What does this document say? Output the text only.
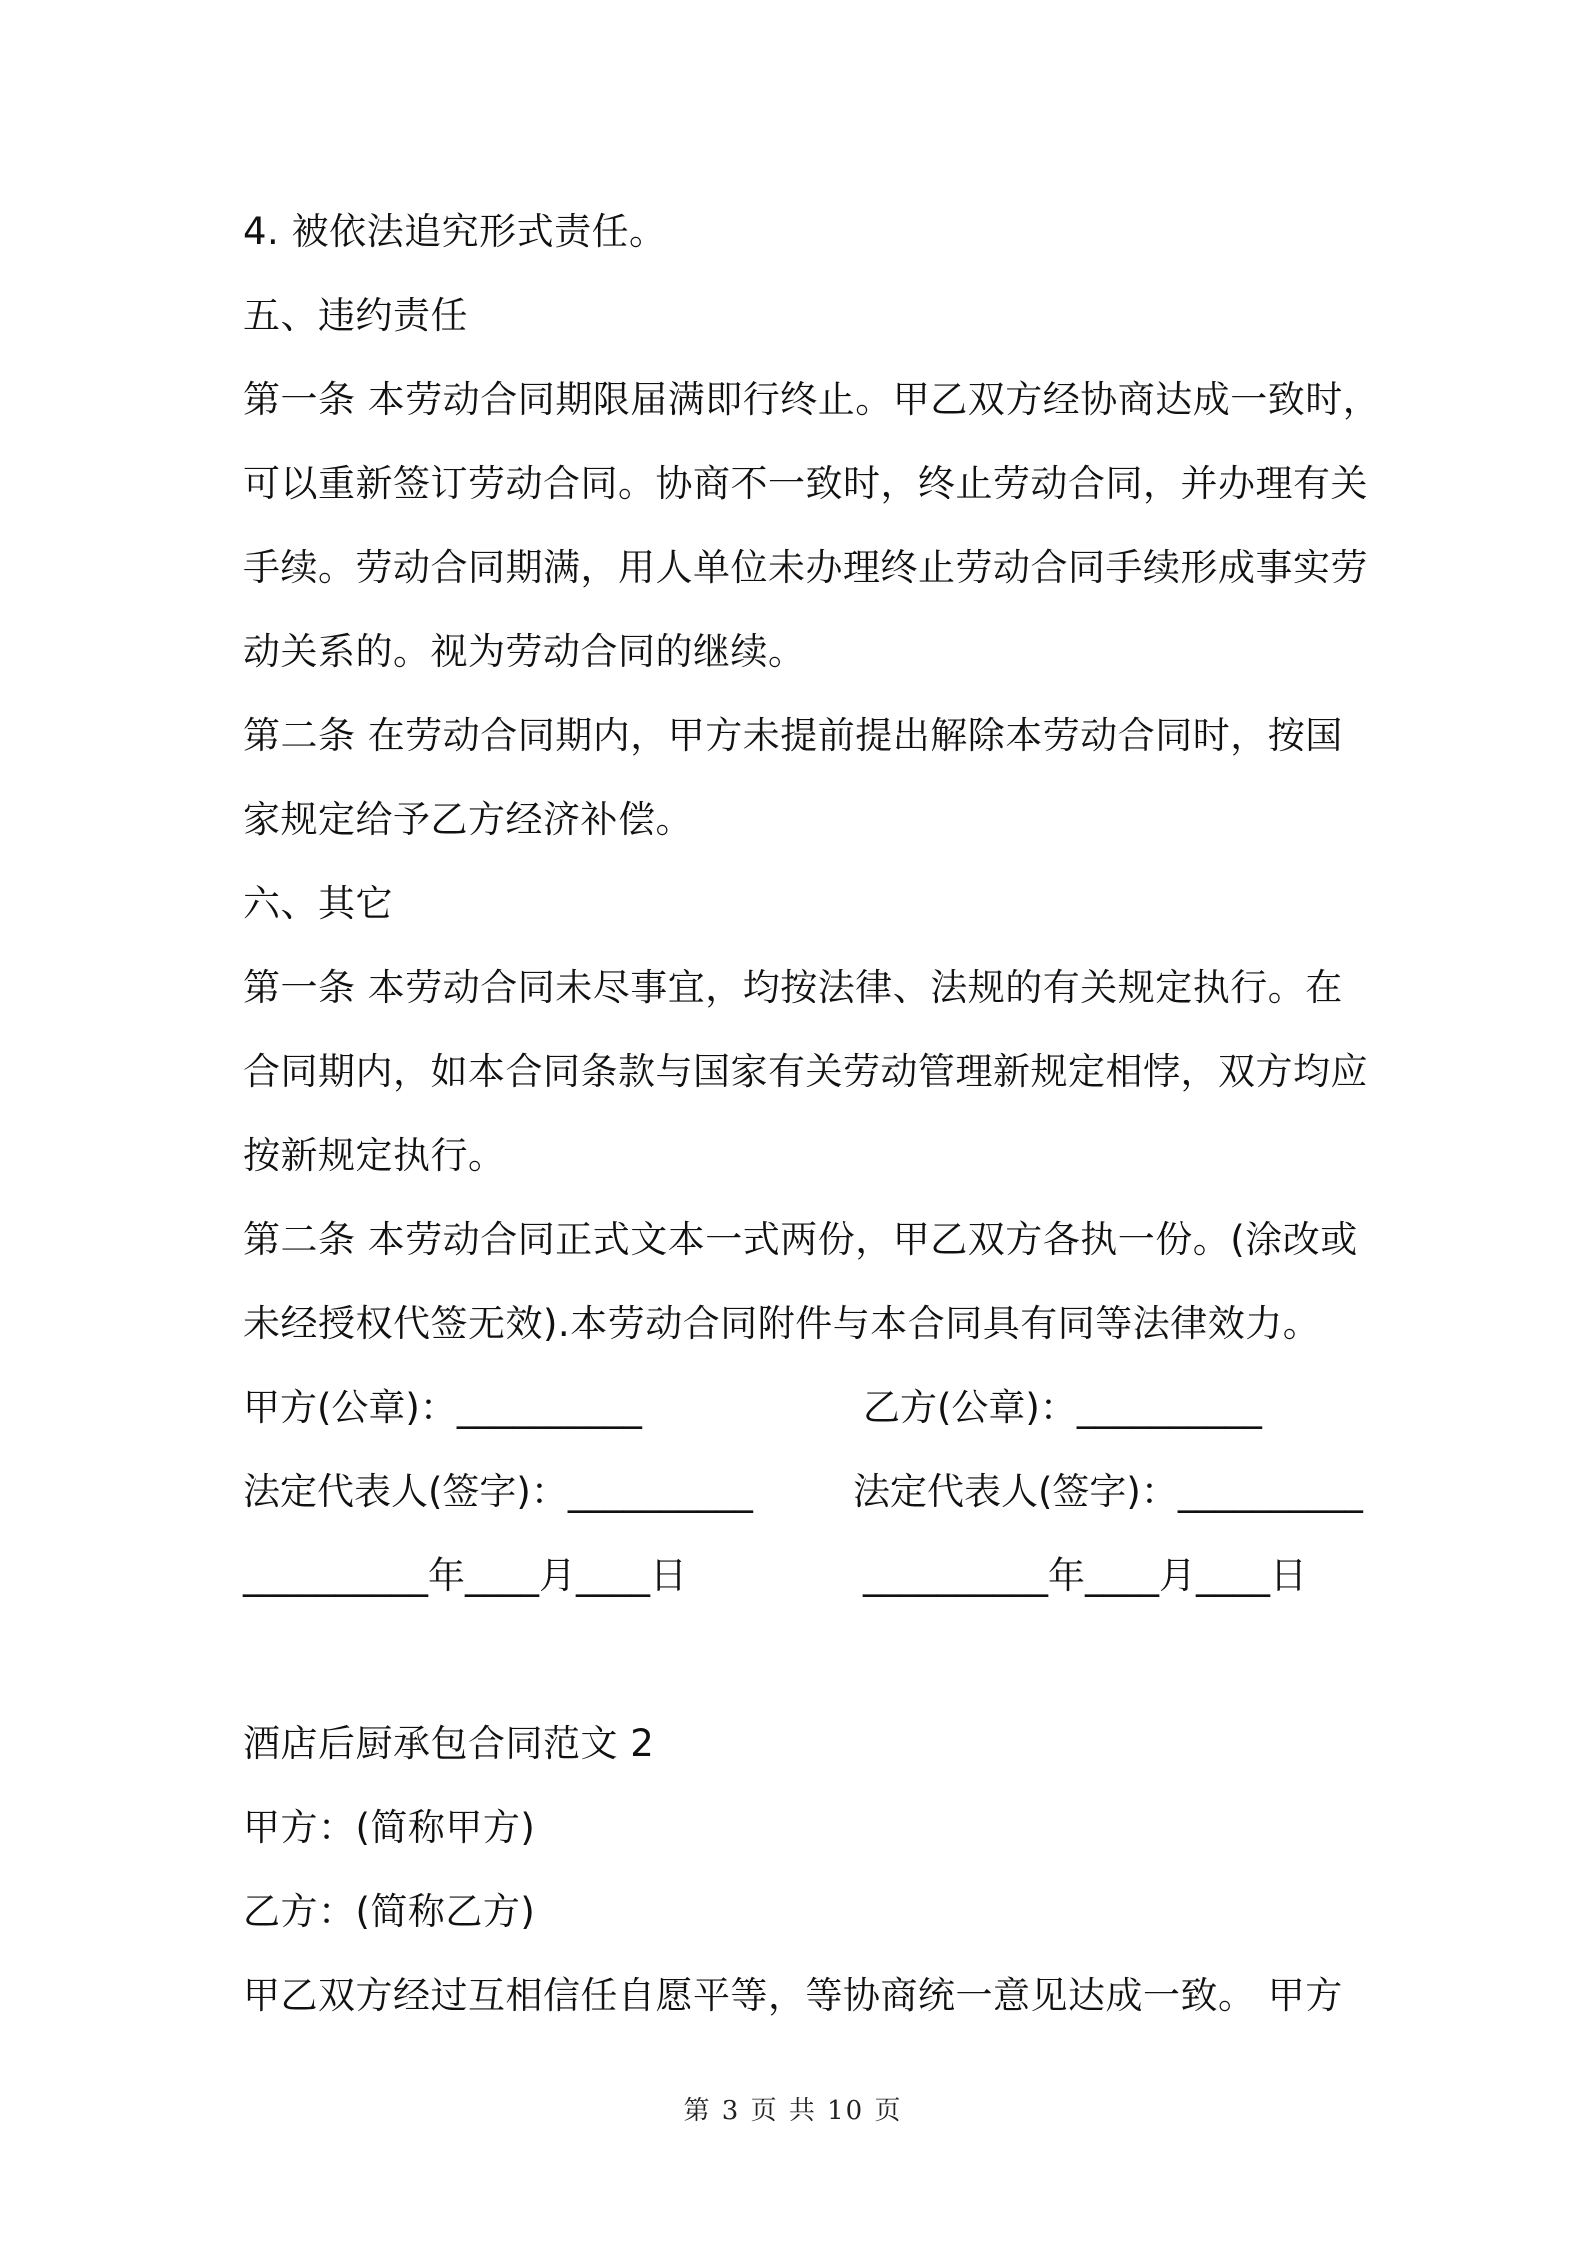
4. 被依法追究形式责任。
五、违约责任
第一条 本劳动合同期限届满即行终止。甲乙双方经协商达成一致时，
可以重新签订劳动合同。协商不一致时，终止劳动合同，并办理有关
手续。劳动合同期满，用人单位未办理终止劳动合同手续形成事实劳
动关系的。视为劳动合同的继续。
第二条 在劳动合同期内，甲方未提前提出解除本劳动合同时，按国
家规定给予乙方经济补偿。
六、其它
第一条 本劳动合同未尽事宜，均按法律、法规的有关规定执行。在
合同期内，如本合同条款与国家有关劳动管理新规定相悖，双方均应
按新规定执行。
第二条 本劳动合同正式文本一式两份，甲乙双方各执一份。(涂改或
未经授权代签无效).本劳动合同附件与本合同具有同等法律效力。
甲方(公章)：__________	乙方(公章)：__________
法定代表人(签字)：__________	法定代表人(签字)：__________
__________年____月____日	__________年____月____日
酒店后厨承包合同范文 2
甲方：(简称甲方)
乙方：(简称乙方)
甲乙双方经过互相信任自愿平等，等协商统一意见达成一致。 甲方
第 3 页 共 10 页
